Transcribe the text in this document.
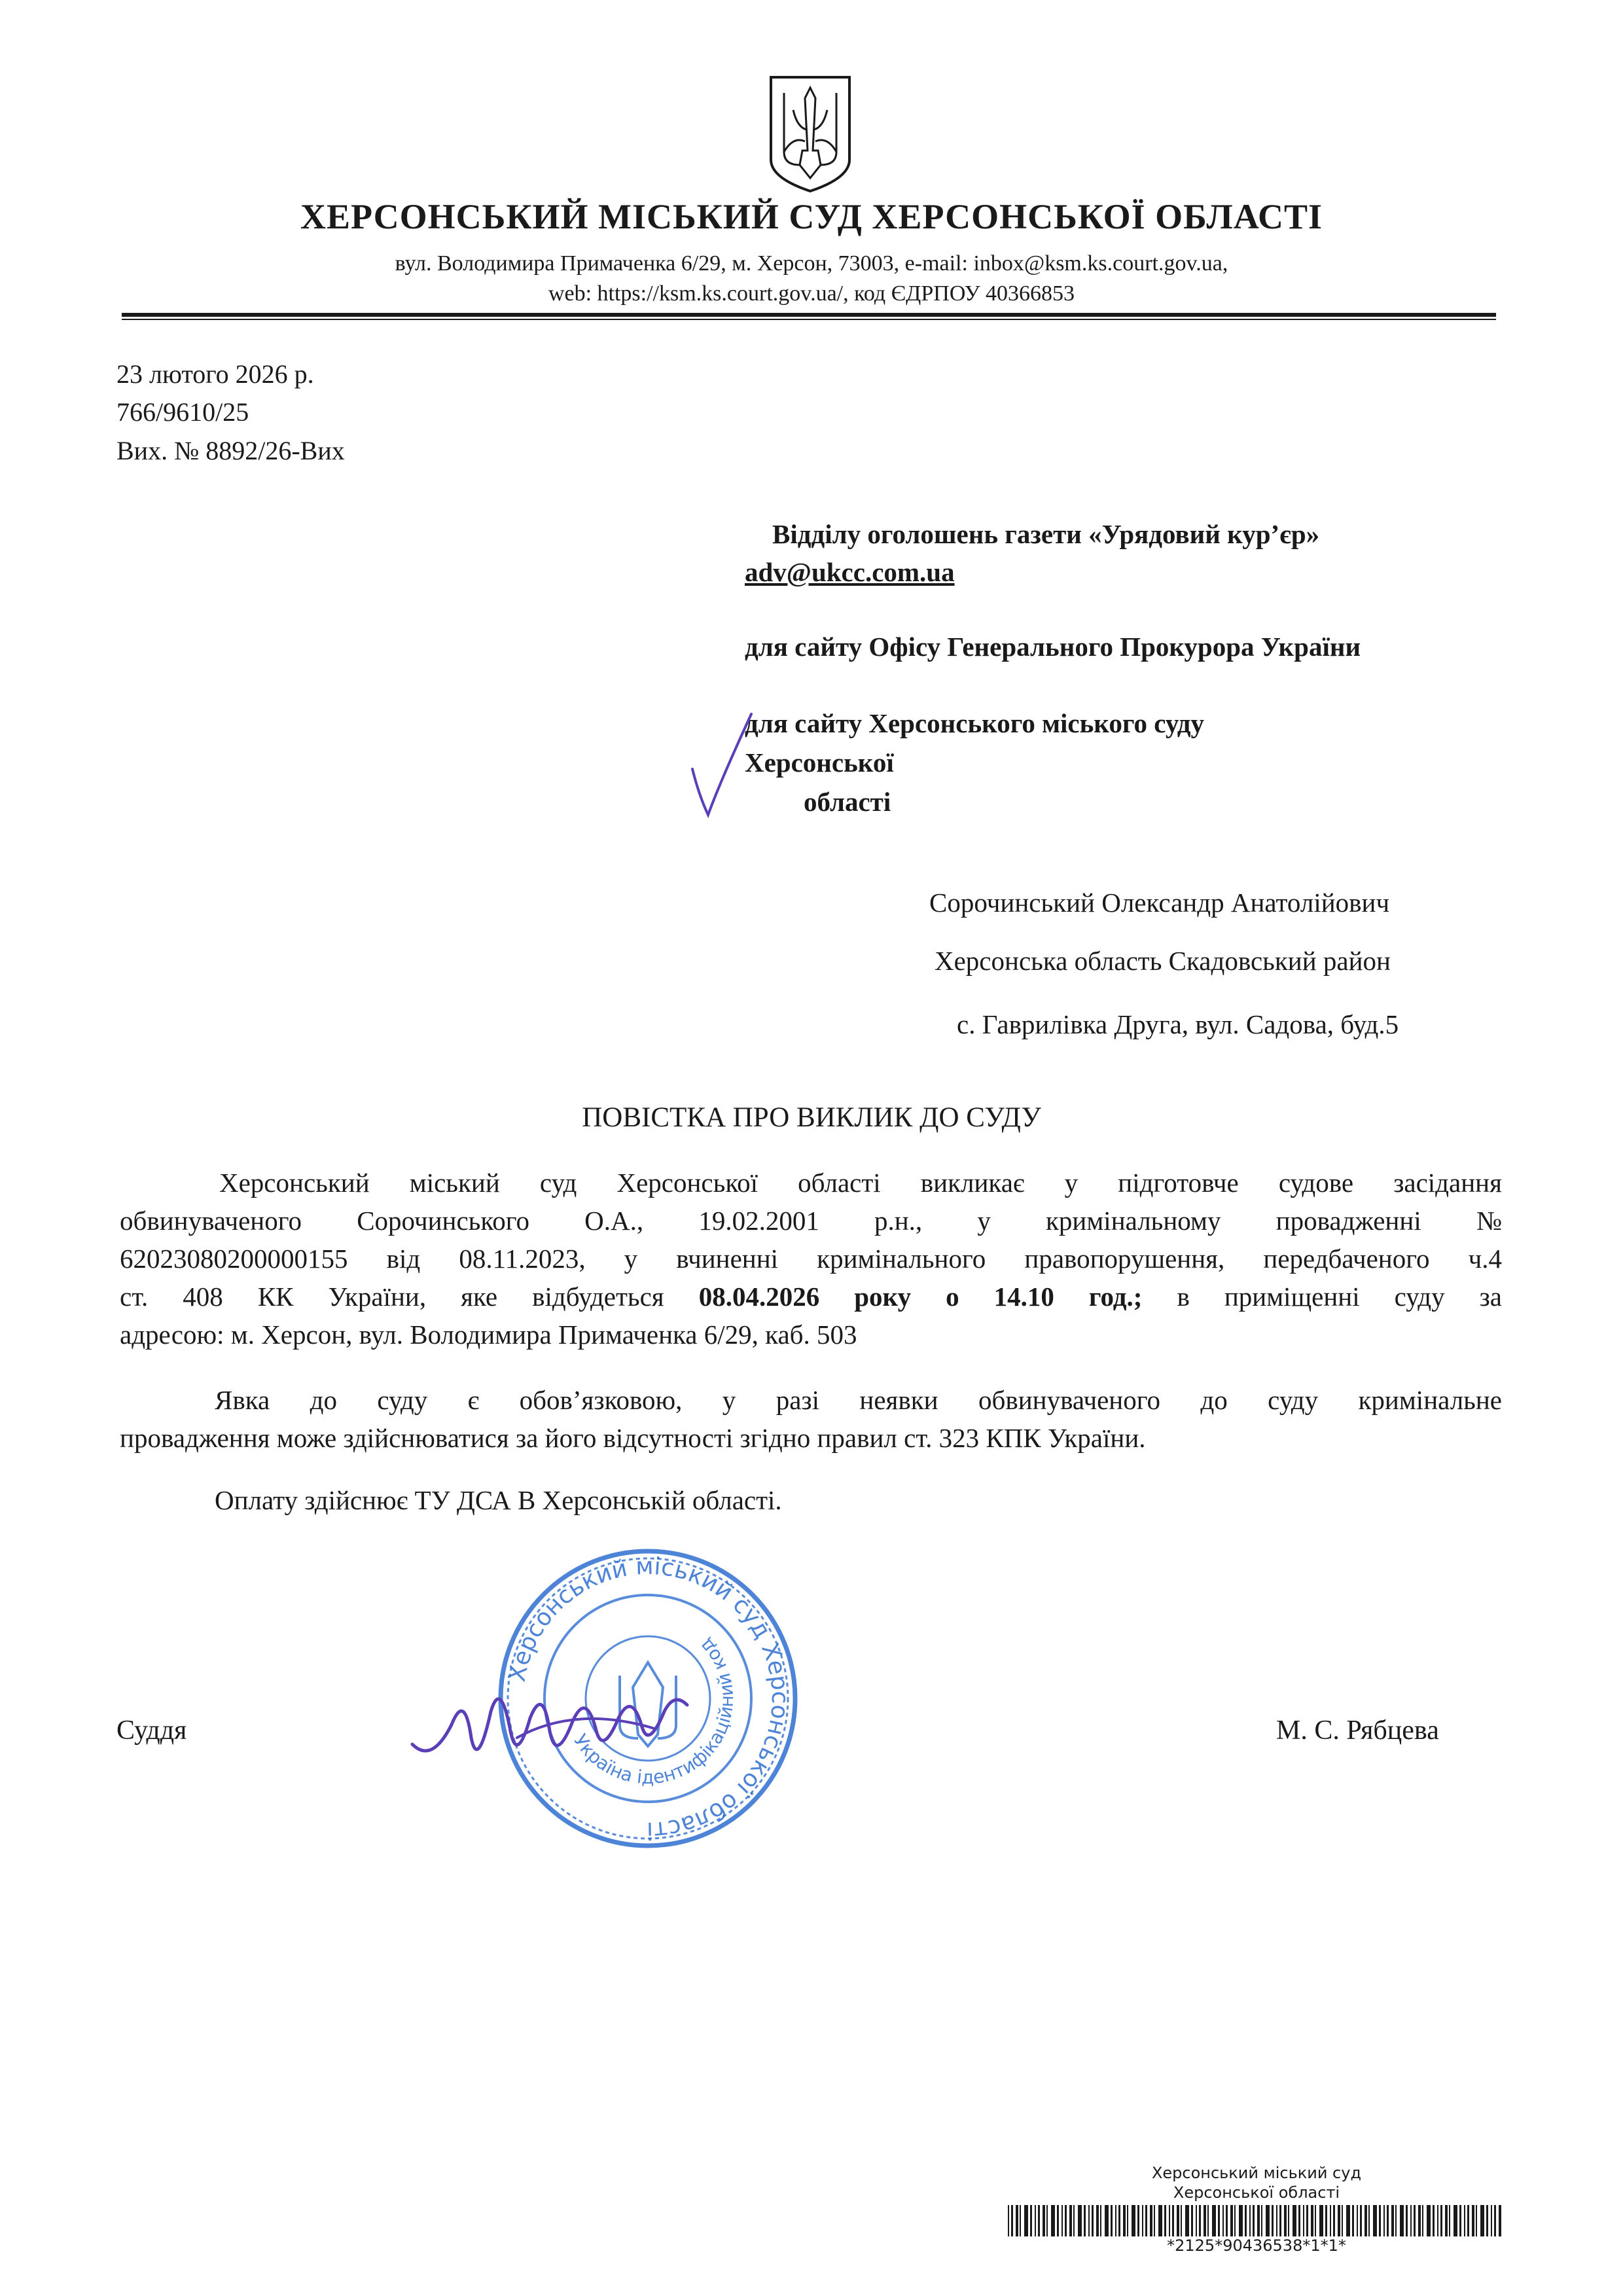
ХЕРСОНСЬКИЙ МІСЬКИЙ СУД ХЕРСОНСЬКОЇ ОБЛАСТІ
вул. Володимира Примаченка 6/29, м. Херсон, 73003, e-mail: inbox@ksm.ks.court.gov.ua,
web: https://ksm.ks.court.gov.ua/, код ЄДРПОУ 40366853
23 лютого 2026 р.
766/9610/25
Вих. № 8892/26-Вих
Відділу оголошень газети «Урядовий кур’єр»
adv@ukcc.com.ua
для сайту Офісу Генерального Прокурора України
для сайту Херсонського міського суду
Херсонської
області
Сорочинський Олександр Анатолійович
Херсонська область Скадовський район
с. Гаврилівка Друга, вул. Садова, буд.5
ПОВІСТКА ПРО ВИКЛИК ДО СУДУ
Херсонський міський суд Херсонської області викликає у підготовче судове засідання
обвинуваченого Сорочинського О.А., 19.02.2001 р.н., у кримінальному провадженні №
62023080200000155 від 08.11.2023, у вчиненні кримінального правопорушення, передбаченого ч.4
ст. 408 КК України, яке відбудеться 08.04.2026 року о 14.10 год.; в приміщенні суду за
адресою: м. Херсон, вул. Володимира Примаченка 6/29, каб. 503
Явка до суду є обов’язковою, у разі неявки обвинуваченого до суду кримінальне
провадження може здійснюватися за його відсутності згідно правил ст. 323 КПК України.
Оплату здійснює ТУ ДСА В Херсонській області.
Херсонський міський суд Херсонської області
Україна ідентифікаційний код
Суддя	М. С. Рябцева
Херсонський міський суд
Херсонської області
*2125*90436538*1*1*
